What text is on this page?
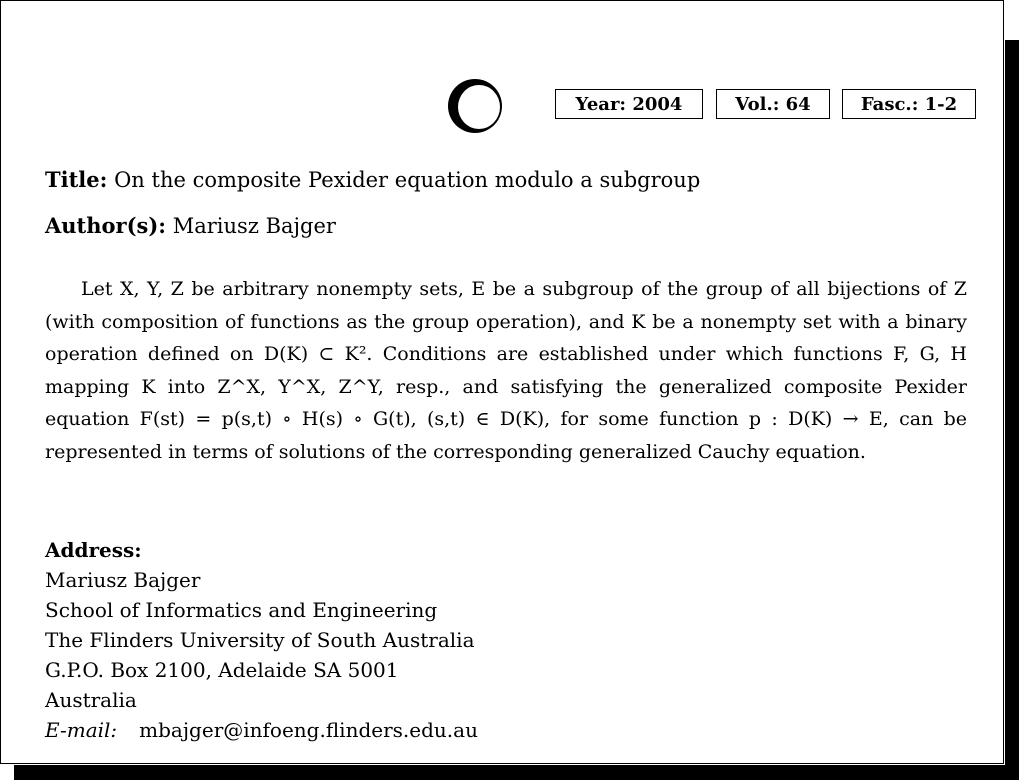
Year: 2004	Vol.: 64	Fasc.: 1-2
Title: On the composite Pexider equation modulo a subgroup
Author(s): Mariusz Bajger

Let X, Y, Z be arbitrary nonempty sets, E be a subgroup of the group of all bijections of Z (with composition of functions as the group operation), and K be a nonempty set with a binary operation defined on D(K) ⊂ K². Conditions are established under which functions F, G, H mapping K into Z^X, Y^X, Z^Y, resp., and satisfying the generalized composite Pexider equation F(st) = p(s,t) ∘ H(s) ∘ G(t), (s,t) ∈ D(K), for some function p : D(K) → E, can be represented in terms of solutions of the corresponding generalized Cauchy equation.

Address:
Mariusz Bajger
School of Informatics and Engineering
The Flinders University of South Australia
G.P.O. Box 2100, Adelaide SA 5001
Australia
E-mail: mbajger@infoeng.flinders.edu.au
